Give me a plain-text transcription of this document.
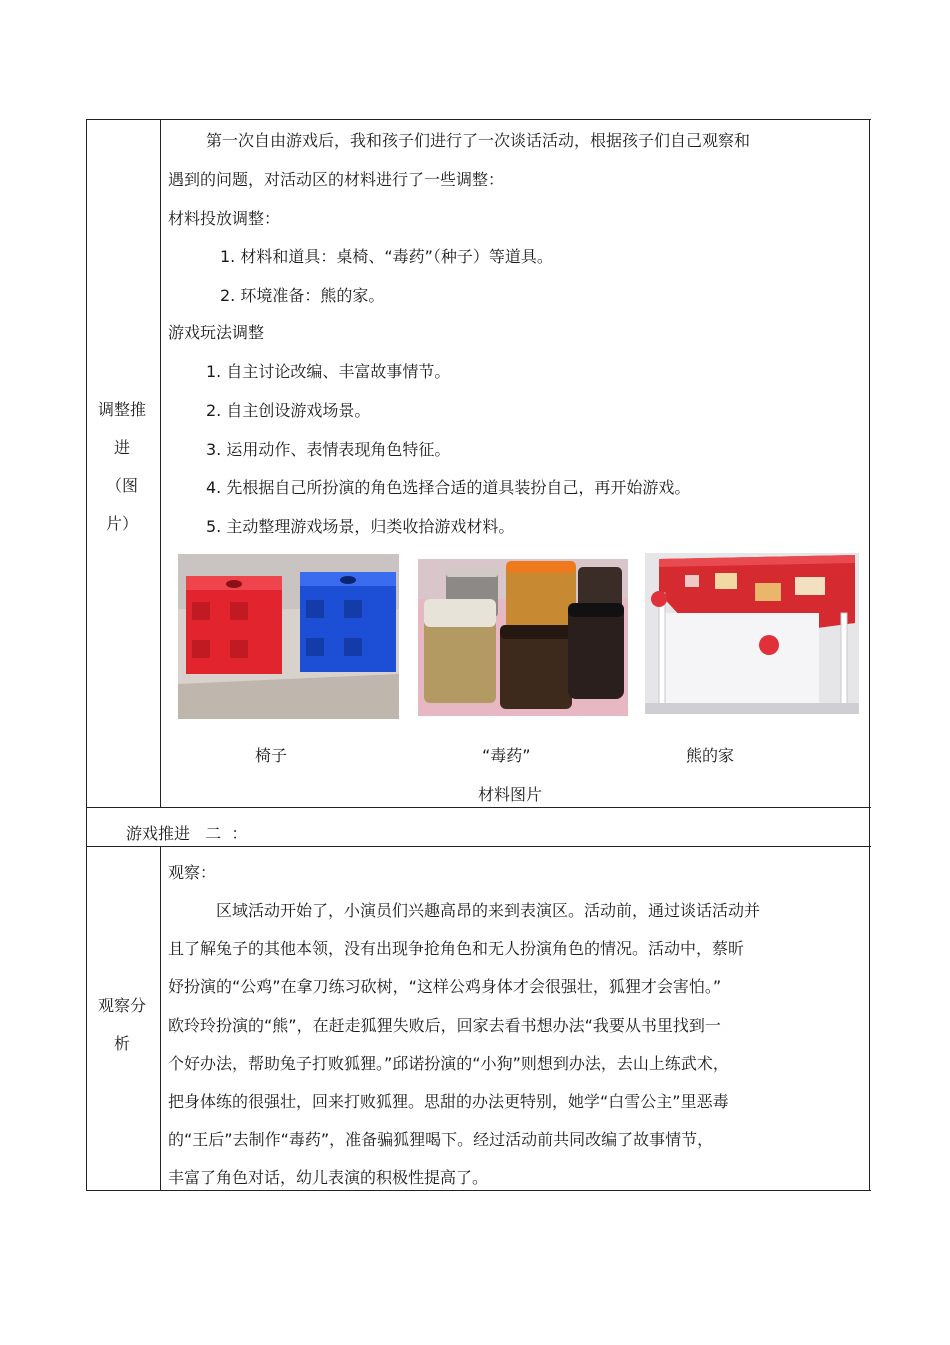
调整推
进
（图
片）
第一次自由游戏后，我和孩子们进行了一次谈话活动，根据孩子们自己观察和
遇到的问题，对活动区的材料进行了一些调整：
材料投放调整：
1. 材料和道具：桌椅、“毒药”（种子）等道具。
2. 环境准备：熊的家。
游戏玩法调整
1. 自主讨论改编、丰富故事情节。
2. 自主创设游戏场景。
3. 运用动作、表情表现角色特征。
4. 先根据自己所扮演的角色选择合适的道具装扮自己，再开始游戏。
5. 主动整理游戏场景，归类收拾游戏材料。
椅子	“毒药”	熊的家
材料图片
游戏推进   二  ：
观察分
析
观察：
区域活动开始了，小演员们兴趣高昂的来到表演区。活动前，通过谈话活动并
且了解兔子的其他本领，没有出现争抢角色和无人扮演角色的情况。活动中，蔡昕
妤扮演的“公鸡”在拿刀练习砍树，“这样公鸡身体才会很强壮，狐狸才会害怕。”
欧玲玲扮演的“熊”，在赶走狐狸失败后，回家去看书想办法“我要从书里找到一
个好办法，帮助兔子打败狐狸。”邱诺扮演的“小狗”则想到办法，去山上练武术，
把身体练的很强壮，回来打败狐狸。思甜的办法更特别，她学“白雪公主”里恶毒
的“王后”去制作“毒药”，准备骗狐狸喝下。经过活动前共同改编了故事情节，
丰富了角色对话，幼儿表演的积极性提高了。
